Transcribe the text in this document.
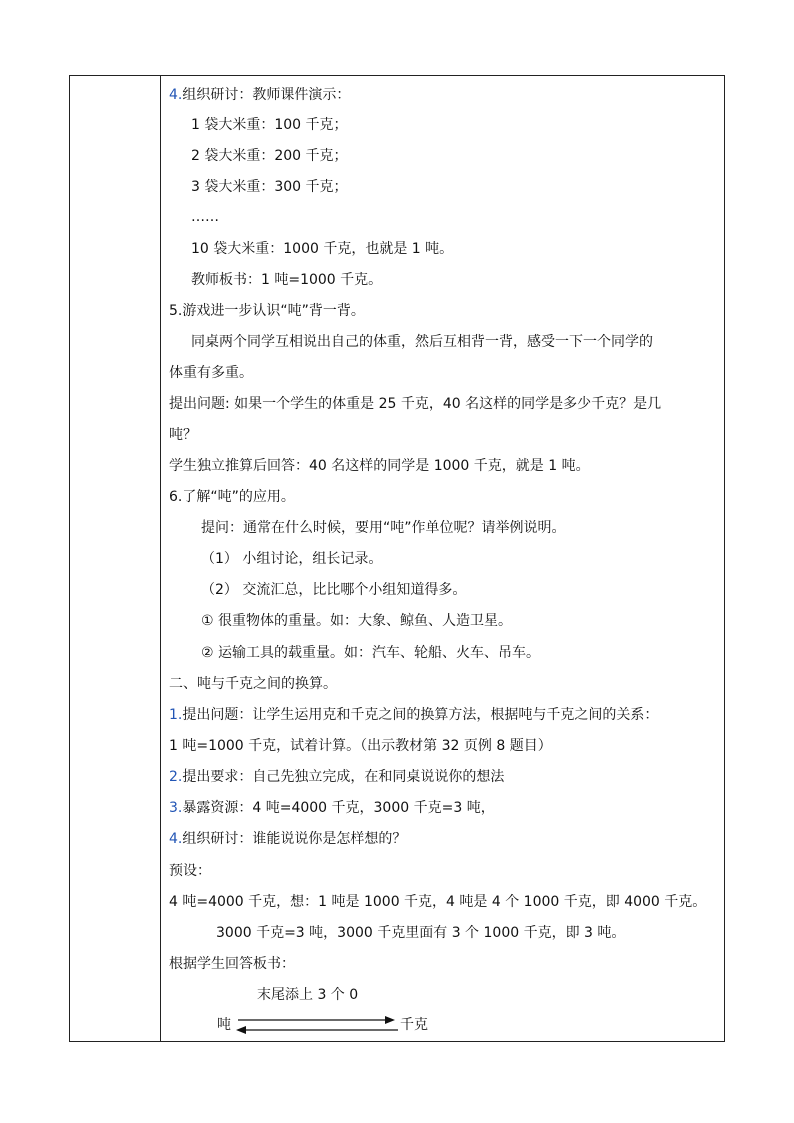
4.组织研讨：教师课件演示：
1 袋大米重：100 千克；
2 袋大米重：200 千克；
3 袋大米重：300 千克；
……
10 袋大米重：1000 千克，也就是 1 吨。
教师板书：1 吨=1000 千克。
5.游戏进一步认识“吨”背一背。
同桌两个同学互相说出自己的体重，然后互相背一背，感受一下一个同学的
体重有多重。
提出问题: 如果一个学生的体重是 25 千克，40 名这样的同学是多少千克？是几
吨？
学生独立推算后回答：40 名这样的同学是 1000 千克，就是 1 吨。
6.了解“吨”的应用。
提问：通常在什么时候，要用“吨”作单位呢？请举例说明。
（1） 小组讨论，组长记录。
（2） 交流汇总，比比哪个小组知道得多。
① 很重物体的重量。如：大象、鲸鱼、人造卫星。
② 运输工具的载重量。如：汽车、轮船、火车、吊车。
二、吨与千克之间的换算。
1.提出问题：让学生运用克和千克之间的换算方法，根据吨与千克之间的关系：
1 吨=1000 千克，试着计算。（出示教材第 32 页例 8 题目）
2.提出要求：自己先独立完成，在和同桌说说你的想法
3.暴露资源：4 吨=4000 千克，3000 千克=3 吨，
4.组织研讨：谁能说说你是怎样想的？
预设：
4 吨=4000 千克，想：1 吨是 1000 千克，4 吨是 4 个 1000 千克，即 4000 千克。
3000 千克=3 吨，3000 千克里面有 3 个 1000 千克，即 3 吨。
根据学生回答板书：
末尾添上 3 个 0
吨	千克
